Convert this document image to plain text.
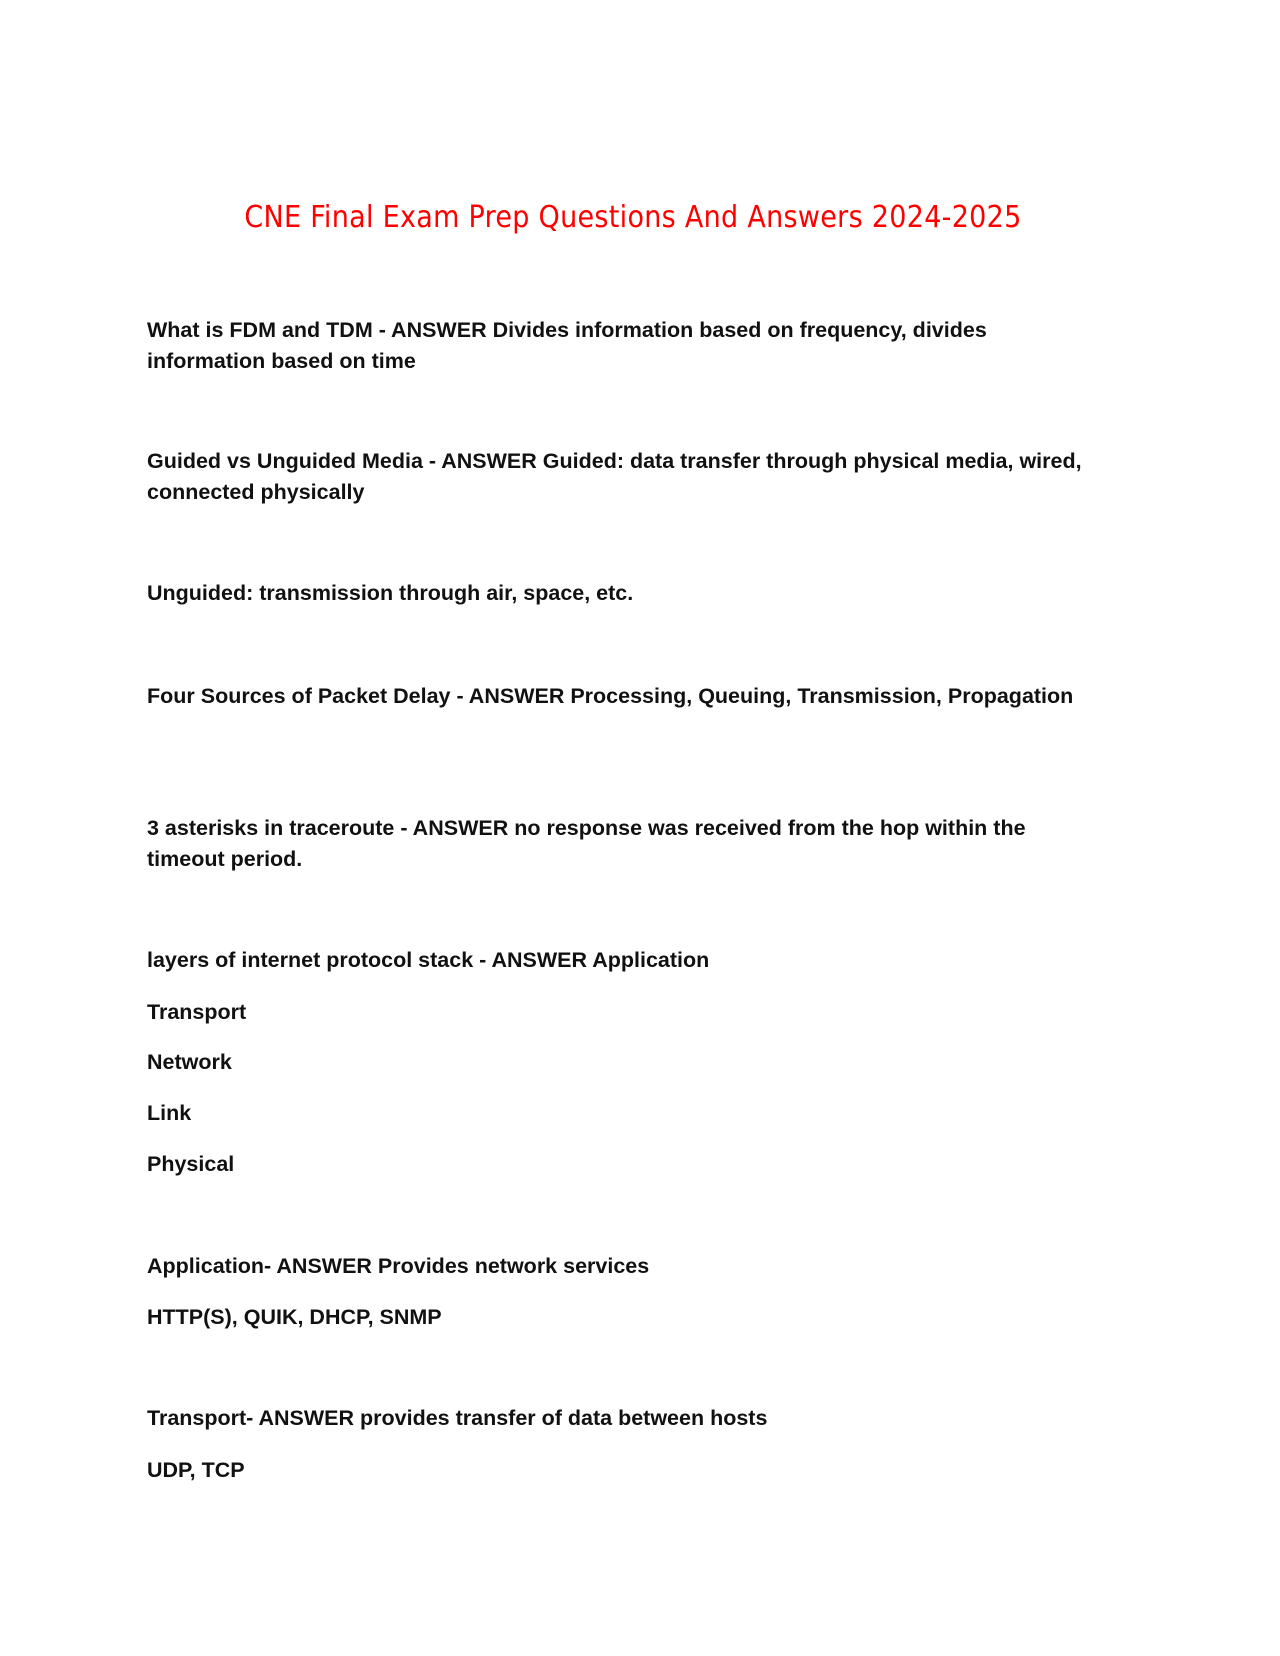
CNE Final Exam Prep Questions And Answers 2024-2025
What is FDM and TDM - ANSWER Divides information based on frequency, divides information based on time
Guided vs Unguided Media - ANSWER Guided: data transfer through physical media, wired, connected physically
Unguided: transmission through air, space, etc.
Four Sources of Packet Delay - ANSWER Processing, Queuing, Transmission, Propagation
3 asterisks in traceroute - ANSWER no response was received from the hop within the timeout period.
layers of internet protocol stack - ANSWER Application
Transport
Network
Link
Physical
Application- ANSWER Provides network services
HTTP(S), QUIK, DHCP, SNMP
Transport- ANSWER provides transfer of data between hosts
UDP, TCP
